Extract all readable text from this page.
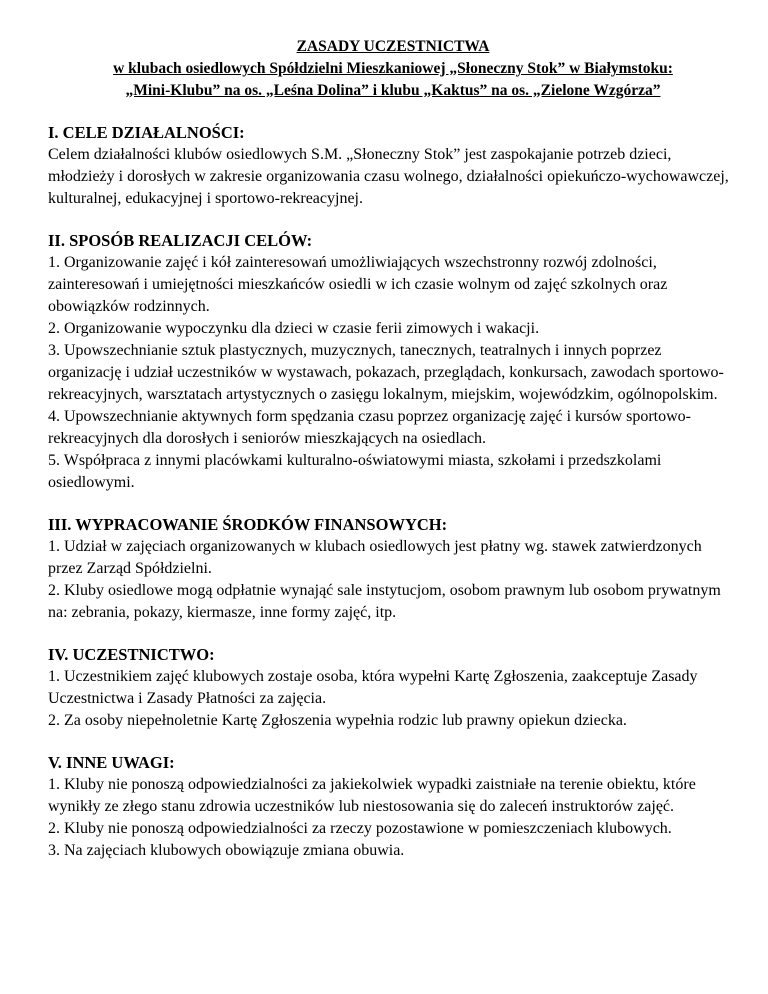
ZASADY UCZESTNICTWA
w klubach osiedlowych Spółdzielni Mieszkaniowej „Słoneczny Stok” w Białymstoku:
„Mini-Klubu” na os. „Leśna Dolina” i klubu „Kaktus” na os. „Zielone Wzgórza”

I. CELE DZIAŁALNOŚCI:

Celem działalności klubów osiedlowych S.M. „Słoneczny Stok” jest zaspokajanie potrzeb dzieci, młodzieży i dorosłych w zakresie organizowania czasu wolnego, działalności opiekuńczo-wychowawczej, kulturalnej, edukacyjnej i sportowo-rekreacyjnej.

II. SPOSÓB REALIZACJI CELÓW:

1. Organizowanie zajęć i kół zainteresowań umożliwiających wszechstronny rozwój zdolności, zainteresowań i umiejętności mieszkańców osiedli w ich czasie wolnym od zajęć szkolnych oraz obowiązków rodzinnych.

2. Organizowanie wypoczynku dla dzieci w czasie ferii zimowych i wakacji.

3. Upowszechnianie sztuk plastycznych, muzycznych, tanecznych, teatralnych i innych poprzez organizację i udział uczestników w wystawach, pokazach, przeglądach, konkursach, zawodach sportowo-rekreacyjnych, warsztatach artystycznych o zasięgu lokalnym, miejskim, wojewódzkim, ogólnopolskim.

4. Upowszechnianie aktywnych form spędzania czasu poprzez organizację zajęć i kursów sportowo-rekreacyjnych dla dorosłych i seniorów mieszkających na osiedlach.

5. Współpraca z innymi placówkami kulturalno-oświatowymi miasta, szkołami i przedszkolami osiedlowymi.

III. WYPRACOWANIE ŚRODKÓW FINANSOWYCH:

1. Udział w zajęciach organizowanych w klubach osiedlowych jest płatny wg. stawek zatwierdzonych przez Zarząd Spółdzielni.

2. Kluby osiedlowe mogą odpłatnie wynająć sale instytucjom, osobom prawnym lub osobom prywatnym na: zebrania, pokazy, kiermasze, inne formy zajęć, itp.

IV. UCZESTNICTWO:

1. Uczestnikiem zajęć klubowych zostaje osoba, która wypełni Kartę Zgłoszenia, zaakceptuje Zasady Uczestnictwa i Zasady Płatności za zajęcia.

2. Za osoby niepełnoletnie Kartę Zgłoszenia wypełnia rodzic lub prawny opiekun dziecka.

V. INNE UWAGI:

1. Kluby nie ponoszą odpowiedzialności za jakiekolwiek wypadki zaistniałe na terenie obiektu, które wynikły ze złego stanu zdrowia uczestników lub niestosowania się do zaleceń instruktorów zajęć.

2. Kluby nie ponoszą odpowiedzialności za rzeczy pozostawione w pomieszczeniach klubowych.

3. Na zajęciach klubowych obowiązuje zmiana obuwia.
